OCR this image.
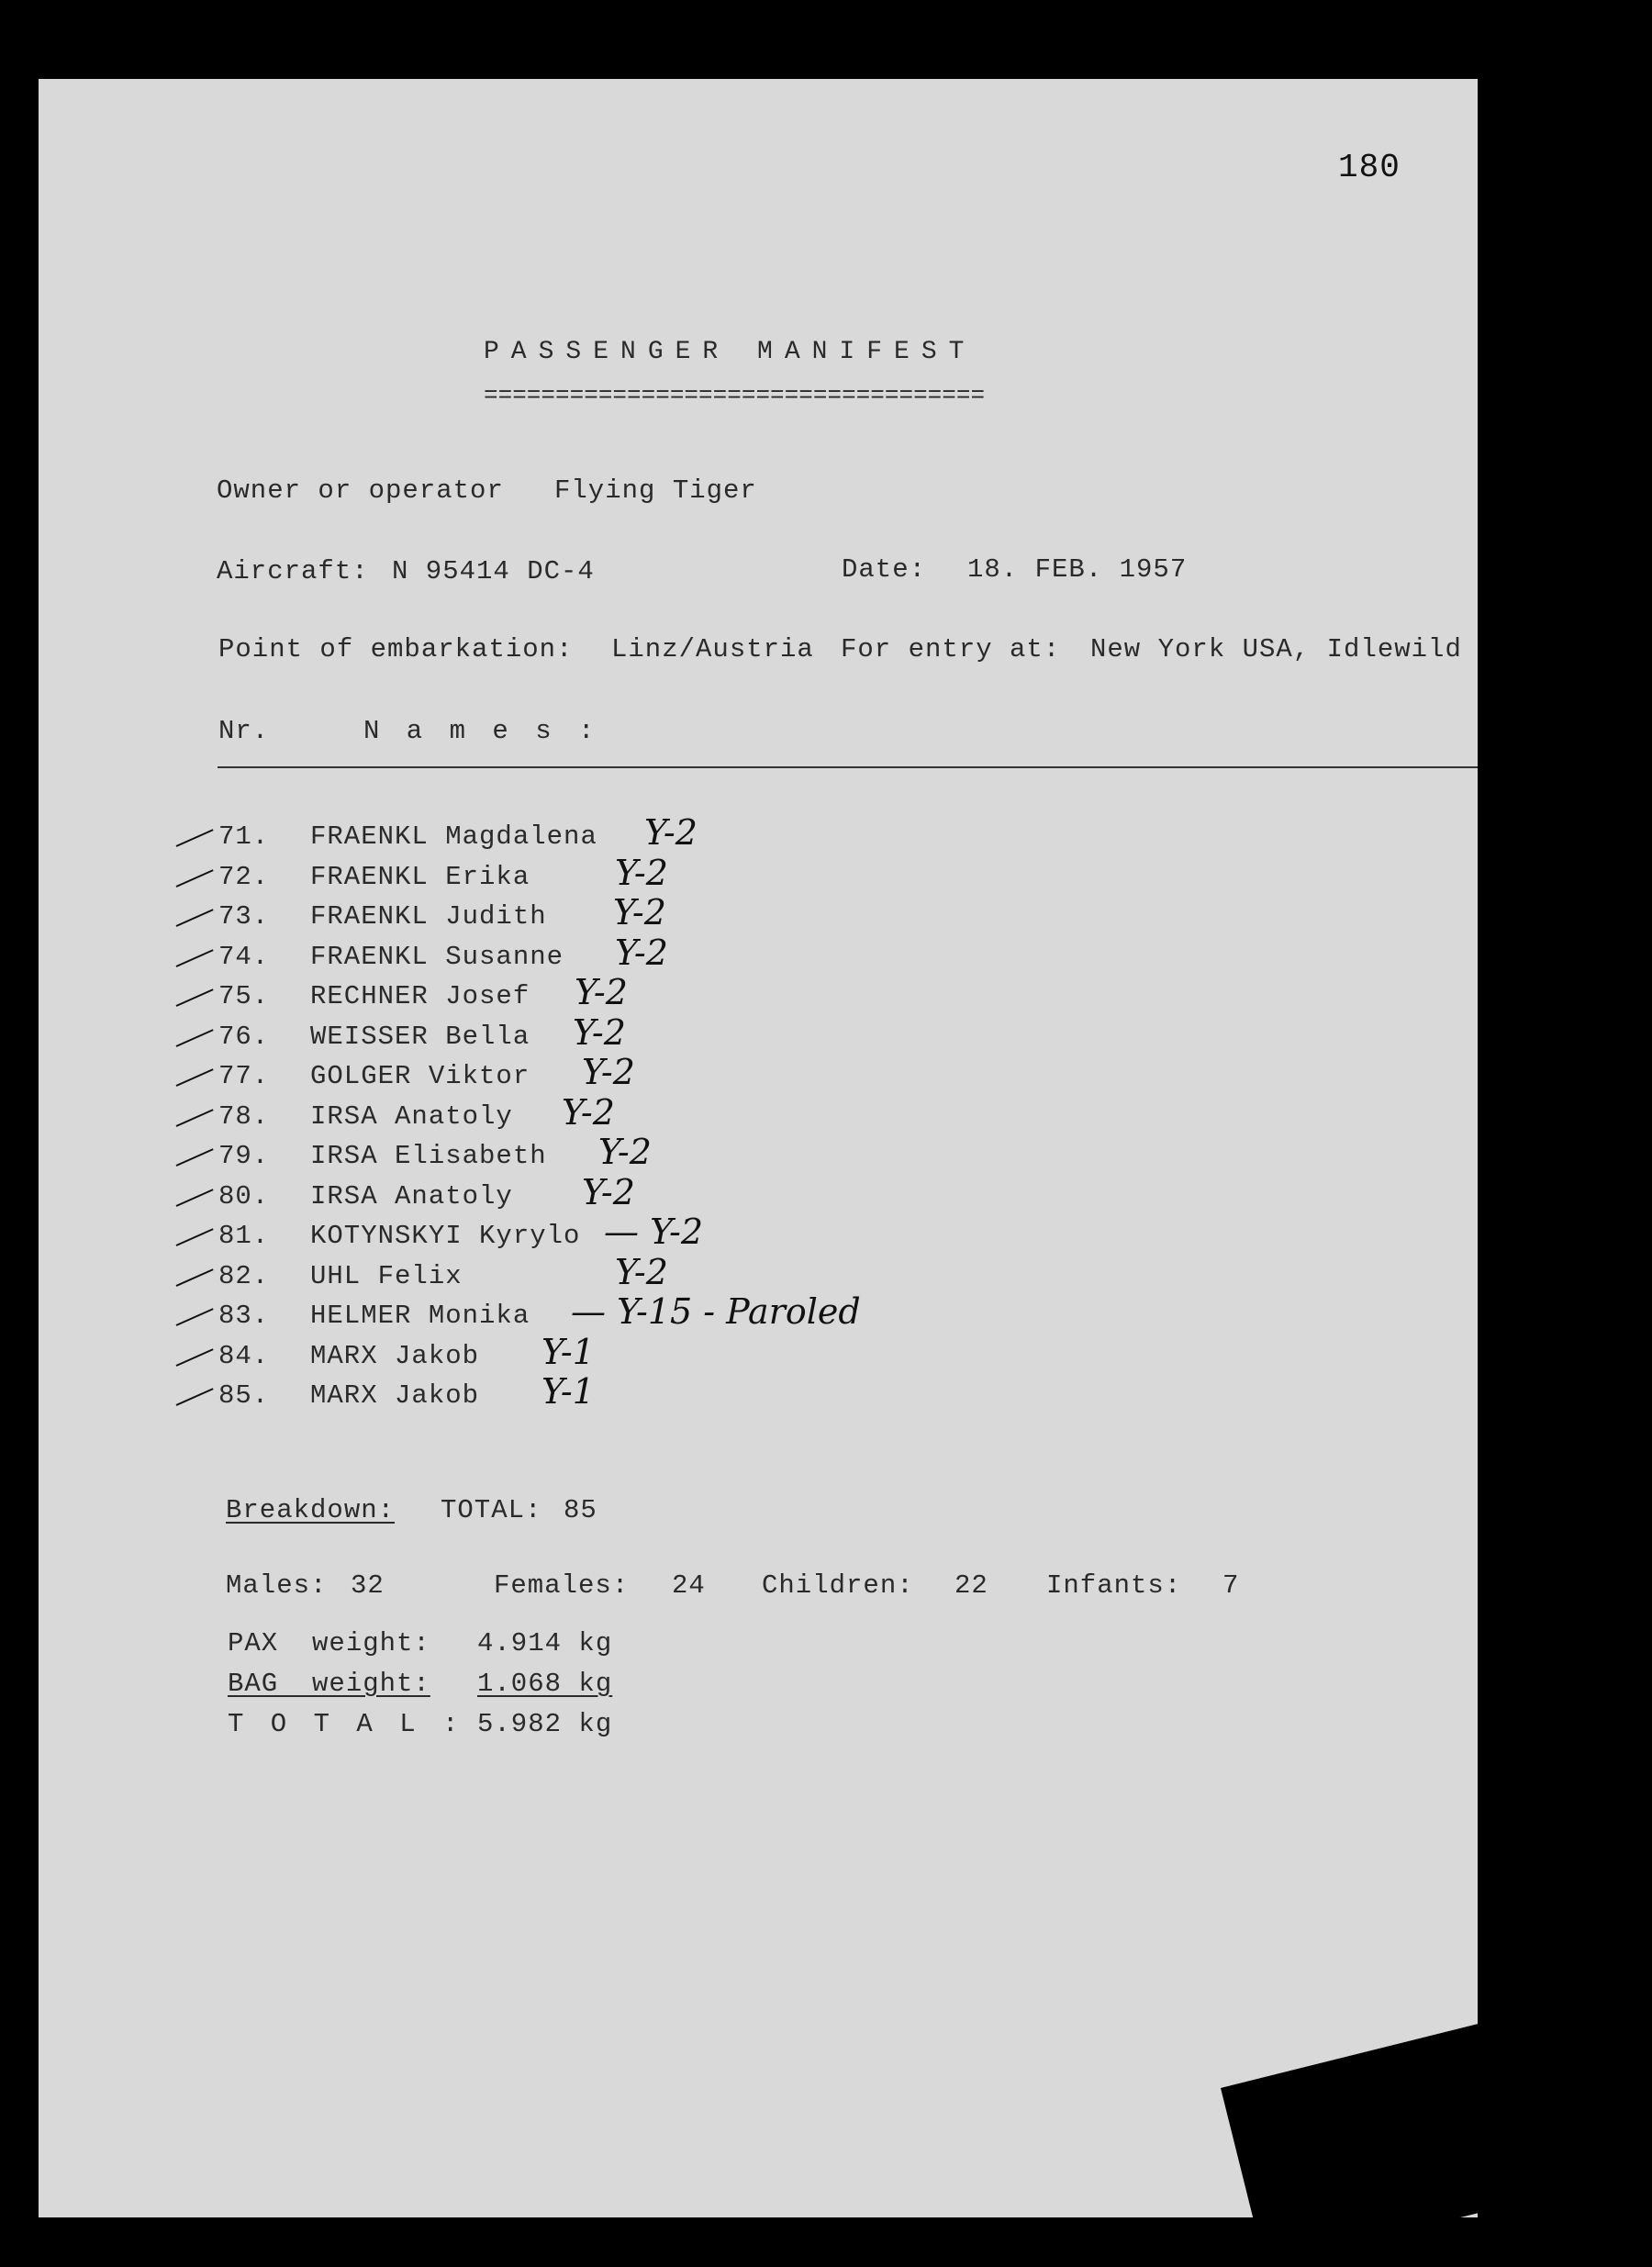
180
PASSENGER MANIFEST

===================================

Owner or operator Flying Tiger
Aircraft: N 95414 DC-4	Date: 18. FEB. 1957
Point of embarkation: Linz/Austria For entry at: New York USA, Idlewild
Nr.	N a m e s :
71. FRAENKL Magdalena Y-2
72. FRAENKL Erika Y-2
73. FRAENKL Judith Y-2
74. FRAENKL Susanne Y-2
75. RECHNER Josef Y-2
76. WEISSER Bella Y-2
77. GOLGER Viktor Y-2
78. IRSA Anatoly Y-2
79. IRSA Elisabeth Y-2
80. IRSA Anatoly Y-2
81. KOTYNSKYI Kyrylo — Y-2
82. UHL Felix	Y-2
83. HELMER Monika — Y-15 - Paroled
84. MARX Jakob Y-1
85. MARX Jakob Y-1
Breakdown: TOTAL: 85
Males: 32	Females: 24 Children: 22 Infants: 7
PAX  weight: 4.914 kg
BAG  weight: 1.068 kg
T O T A L : 5.982 kg
